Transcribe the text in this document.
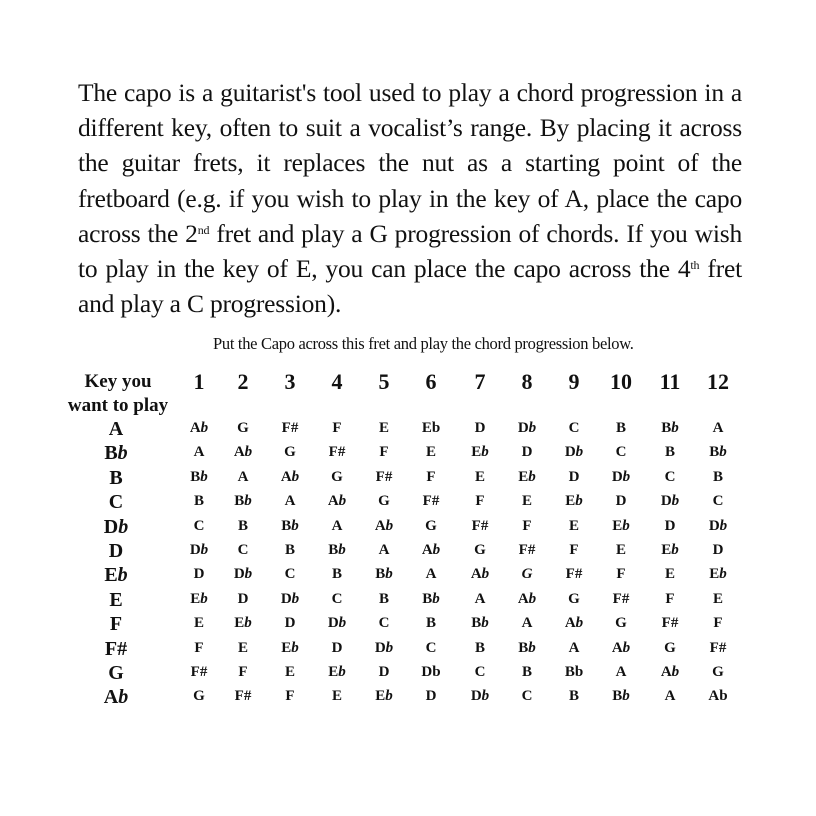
The capo is a guitarist's tool used to play a chord progression in a different key, often to suit a vocalist’s range. By placing it across the guitar frets, it replaces the nut as a starting point of the fretboard (e.g. if you wish to play in the key of A, place the capo across the 2nd fret and play a G progression of chords. If you wish to play in the key of E, you can place the capo across the 4th fret and play a C progression).
Put the Capo across this fret and play the chord progression below.
Key you
want to play
1	2	3	4	5	6	7	8	9	10	11	12
A	Ab	G	F#	F	E	Eb	D	Db	C	B	Bb	A
Bb	A	Ab	G	F#	F	E	Eb	D	Db	C	B	Bb
B	Bb	A	Ab	G	F#	F	E	Eb	D	Db	C	B
C	B	Bb	A	Ab	G	F#	F	E	Eb	D	Db	C
Db	C	B	Bb	A	Ab	G	F#	F	E	Eb	D	Db
D	Db	C	B	Bb	A	Ab	G	F#	F	E	Eb	D
Eb	D	Db	C	B	Bb	A	Ab	G	F#	F	E	Eb
E	Eb	D	Db	C	B	Bb	A	Ab	G	F#	F	E
F	E	Eb	D	Db	C	B	Bb	A	Ab	G	F#	F
F#	F	E	Eb	D	Db	C	B	Bb	A	Ab	G	F#
G	F#	F	E	Eb	D	Db	C	B	Bb	A	Ab	G
Ab	G	F#	F	E	Eb	D	Db	C	B	Bb	A	Ab
